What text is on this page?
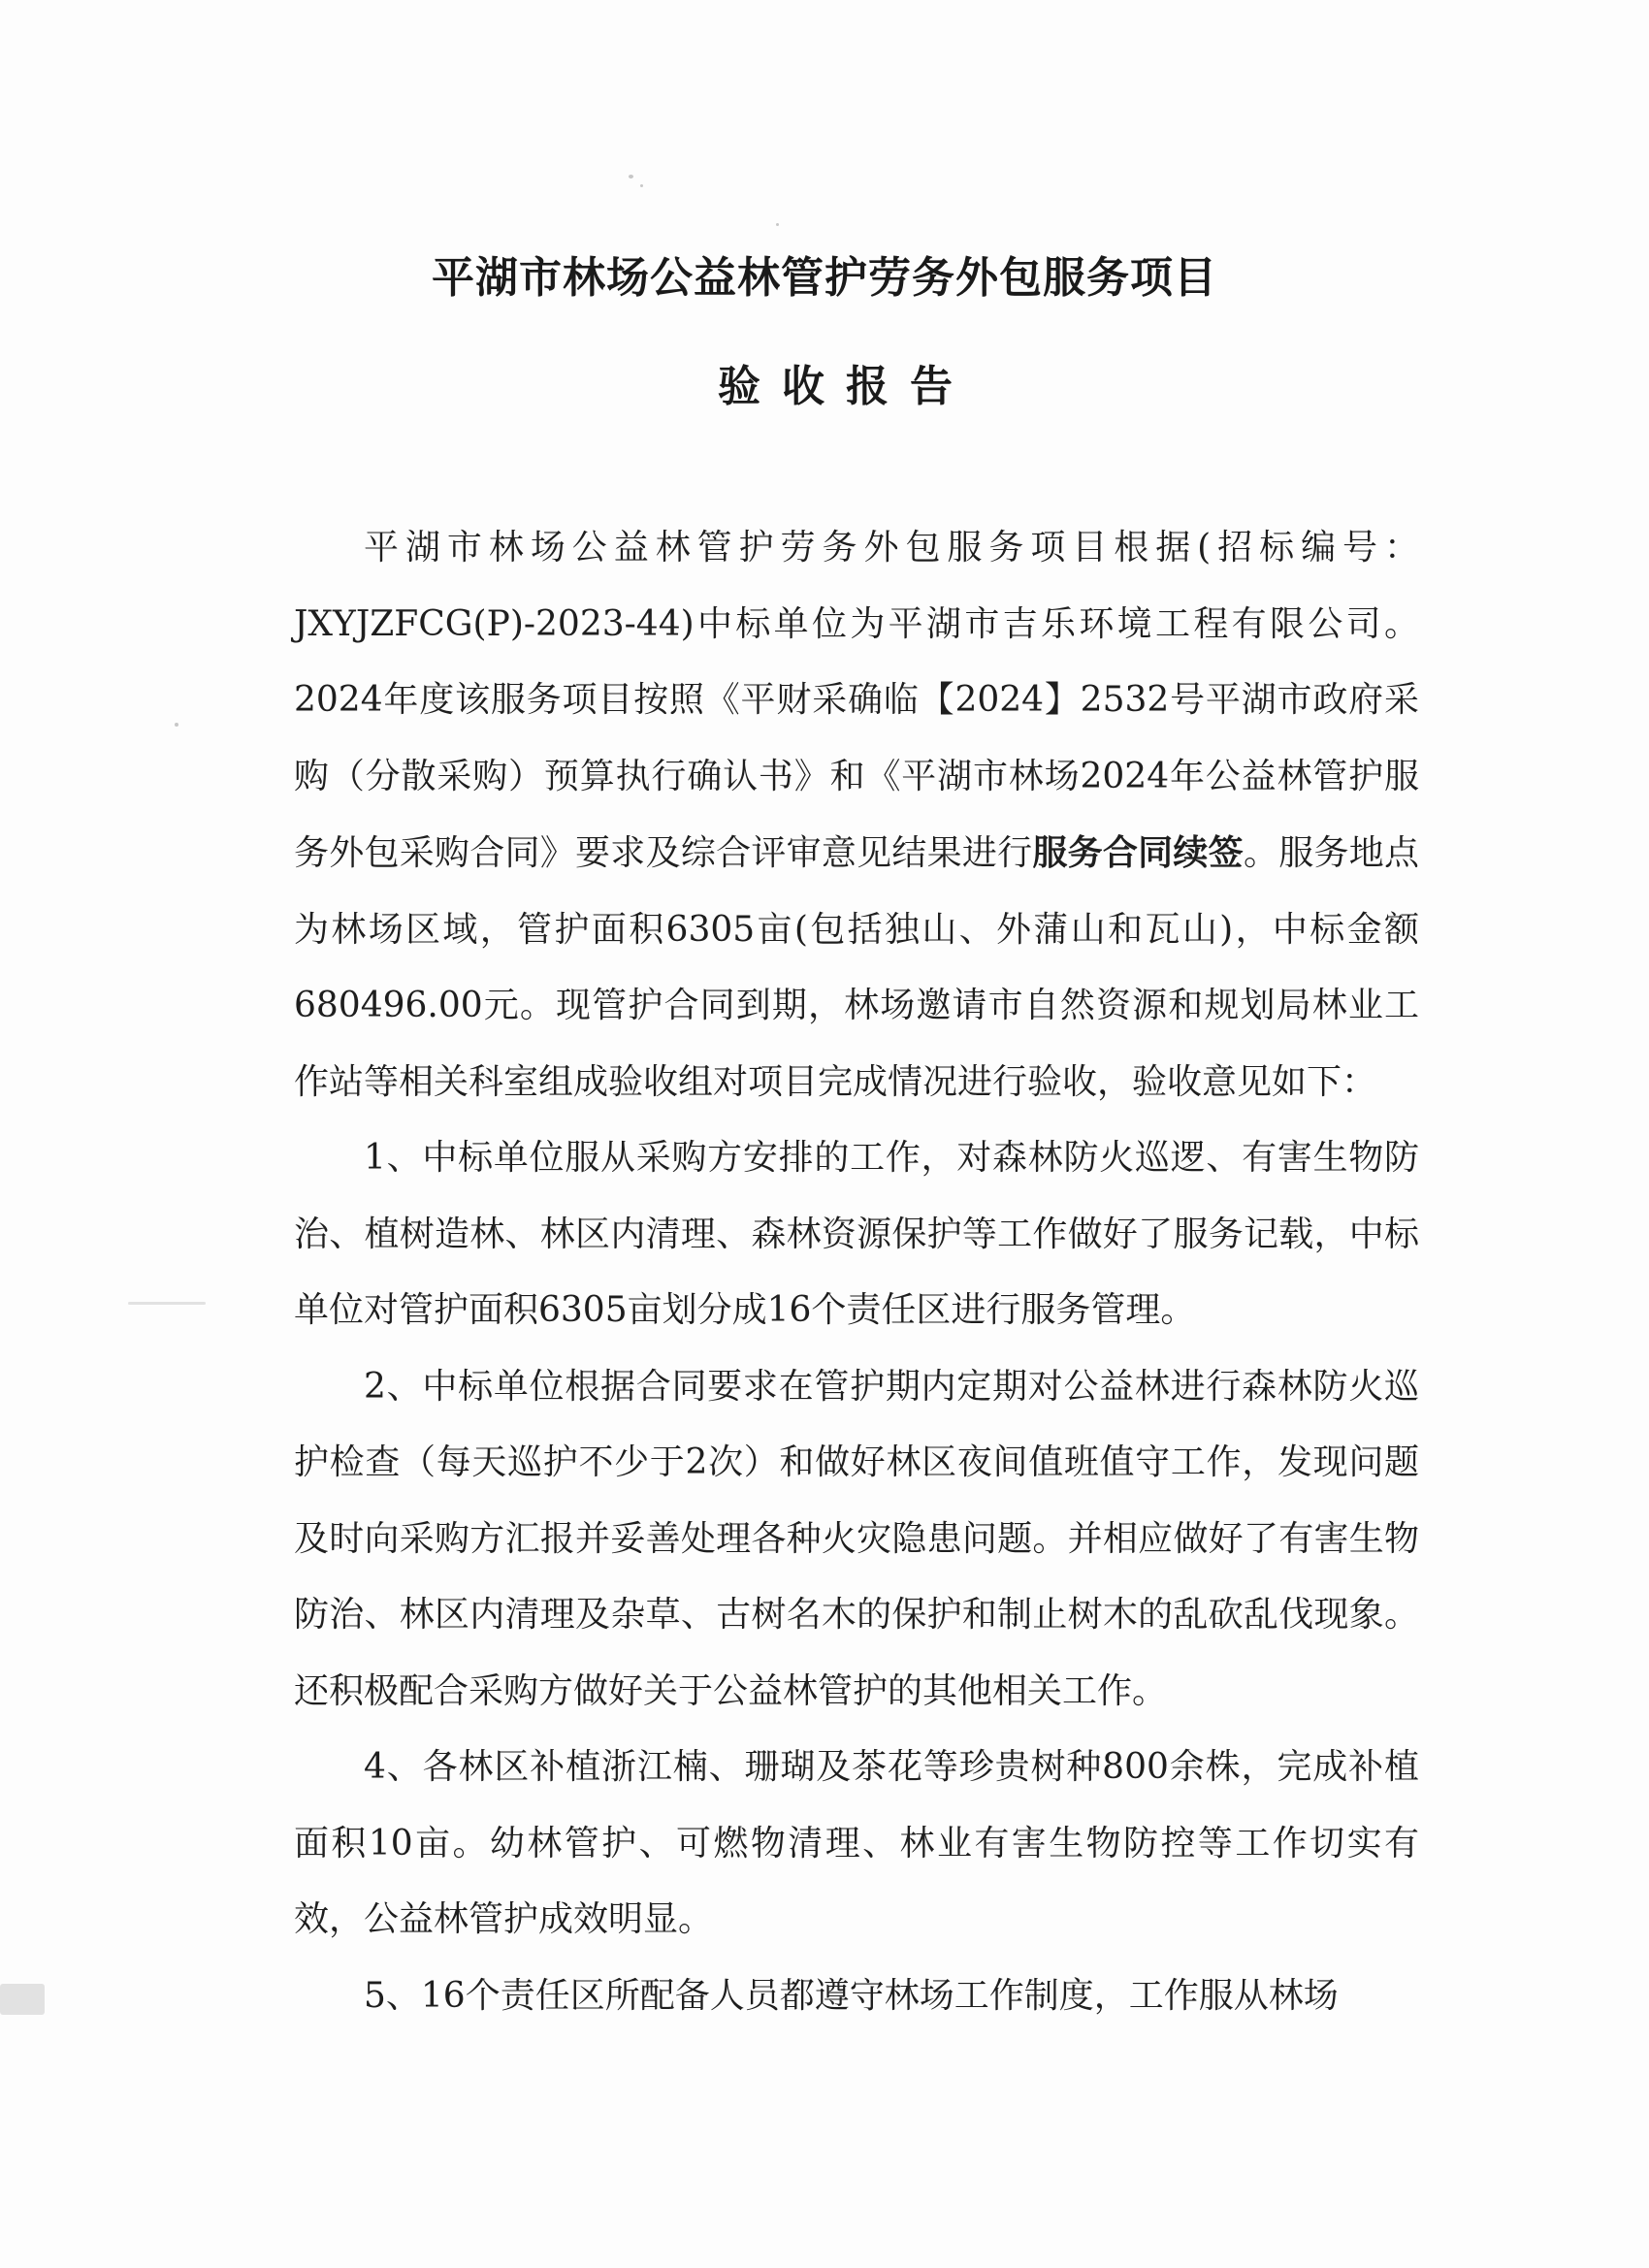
平湖市林场公益林管护劳务外包服务项目
验收报告

平湖市林场公益林管护劳务外包服务项目根据(招标编号：JXYJZFCG(P)-2023-44)中标单位为平湖市吉乐环境工程有限公司。2024年度该服务项目按照《平财采确临【2024】2532号平湖市政府采购（分散采购）预算执行确认书》和《平湖市林场2024年公益林管护服务外包采购合同》要求及综合评审意见结果进行服务合同续签。服务地点为林场区域，管护面积6305亩(包括独山、外蒲山和瓦山)，中标金额680496.00元。现管护合同到期，林场邀请市自然资源和规划局林业工作站等相关科室组成验收组对项目完成情况进行验收，验收意见如下：

1、中标单位服从采购方安排的工作，对森林防火巡逻、有害生物防治、植树造林、林区内清理、森林资源保护等工作做好了服务记载，中标单位对管护面积6305亩划分成16个责任区进行服务管理。

2、中标单位根据合同要求在管护期内定期对公益林进行森林防火巡护检查（每天巡护不少于2次）和做好林区夜间值班值守工作，发现问题及时向采购方汇报并妥善处理各种火灾隐患问题。并相应做好了有害生物防治、林区内清理及杂草、古树名木的保护和制止树木的乱砍乱伐现象。还积极配合采购方做好关于公益林管护的其他相关工作。

4、各林区补植浙江楠、珊瑚及茶花等珍贵树种800余株，完成补植面积10亩。幼林管护、可燃物清理、林业有害生物防控等工作切实有效，公益林管护成效明显。

5、16个责任区所配备人员都遵守林场工作制度，工作服从林场
